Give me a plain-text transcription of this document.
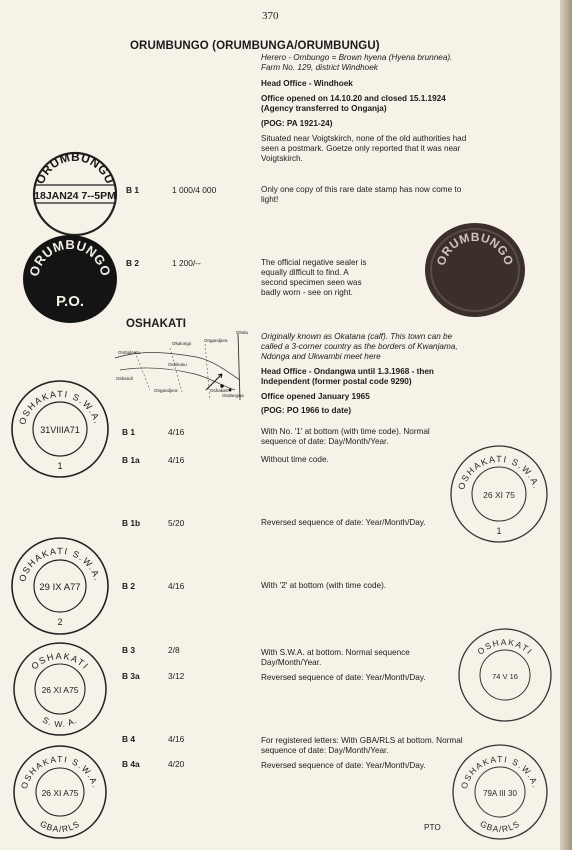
370
ORUMBUNGO (ORUMBUNGA/ORUMBUNGU)
Herero - Ombungo = Brown hyena (Hyena brunnea).
Farm No. 129, district Windhoek
Head Office - Windhoek
Office opened on 14.10.20 and closed 15.1.1924
(Agency transferred to Onganja)
(POG: PA 1921-24)
Situated near Voigtskirch, none of the old authorities had
seen a postmark. Goetze only reported that it was near
Voigtskirch.
B 1	1 000/4 000	Only one copy of this rare date stamp has now come to
light!
B 2	1 200/--	The official negative sealer is
equally difficult to find. A
second specimen seen was
badly worn - see on right.
ORUMBUNGU
18JAN24 7--5PM
ORUMBUNGO
P.O.
ORUMBUNGO
OSHAKATI
Originally known as Okatana (calf). This town can be
called a 3-corner country as the borders of Kwanjama,
Ndonga and Ukwambi meet here
Head Office - Ondangwa until 1.3.1968 - then
Independent (former postal code 9290)
Office opened January 1965
(POG: PO 1966 to date)
Ombalantu
Okalongo
Ongandjera
Oshikuku
Oshandi
Ongandjera	Oshakati
Ondangwa
Ohalu
B 1	4/16	With No. '1' at bottom (with time code). Normal
sequence of date: Day/Month/Year.
B 1a	4/16	Without time code.
B 1b	5/20	Reversed sequence of date: Year/Month/Day.
B 2	4/16	With '2' at bottom (with time code).
B 3	2/8	With S.W.A. at bottom. Normal sequence
Day/Month/Year.
B 3a	3/12	Reversed sequence of date: Year/Month/Day.
B 4	4/16	For registered letters: With GBA/RLS at bottom. Normal
sequence of date: Day/Month/Year.
B 4a	4/20	Reversed sequence of date: Year/Month/Day.
OSHAKATI S.W.A.
31VIIIA71
1
OSHAKATI S.W.A.
26 XI 75
1
OSHAKATI S.W.A.
29 IX A77
2
OSHAKATI
26 XI A75
S. W. A.
OSHAKATI
74 V 16
OSHAKATI S.W.A.
26 XI A75
GBA/RLS
OSHAKATI S.W.A.
79A III 30
GBA/RLS
PTO
